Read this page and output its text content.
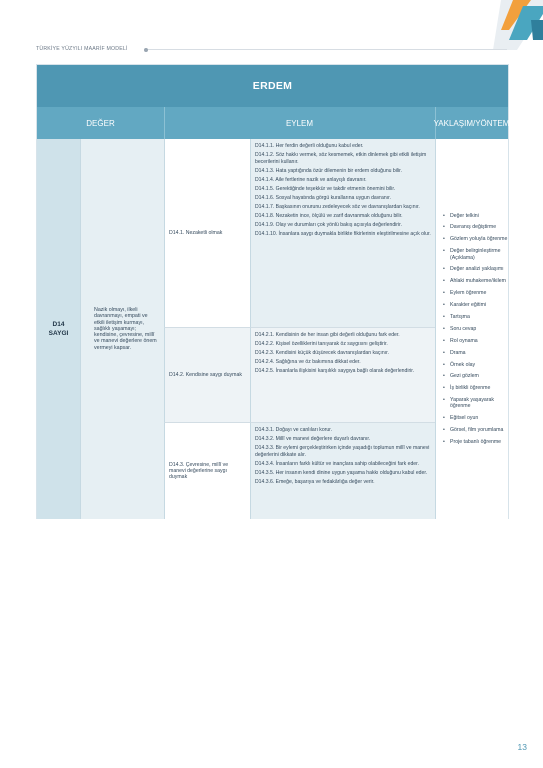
TÜRKİYE YÜZYILI MAARİF MODELİ
ERDEM
DEĞER	EYLEM	YAKLAŞIM/YÖNTEM
D14
SAYGI
Nazik olmayı, ilkeli davranmayı, empati ve etkili iletişim kurmayı, sağlıklı yaşamayı; kendisine, çevresine, millî ve manevi değerlere önem vermeyi kapsar.
D14.1. Nezaketli olmak
D14.2. Kendisine saygı duymak
D14.3. Çevresine, millî ve manevi değerlerine saygı duymak

D14.1.1. Her ferdin değerli olduğunu kabul eder.

D14.1.2. Söz hakkı vermek, söz kesmemek, etkin dinlemek gibi etkili iletişim becerilerini kullanır.

D14.1.3. Hata yaptığında özür dilemenin bir erdem olduğunu bilir.

D14.1.4. Aile fertlerine nazik ve anlayışlı davranır.

D14.1.5. Gerektiğinde teşekkür ve takdir etmenin önemini bilir.

D14.1.6. Sosyal hayatında görgü kurallarına uygun davranır.

D14.1.7. Başkasının onurunu zedeleyecek söz ve davranışlardan kaçınır.

D14.1.8. Nezaketin ince, ölçülü ve zarif davranmak olduğunu bilir.

D14.1.9. Olay ve durumları çok yönlü bakış açısıyla değerlendirir.

D14.1.10. İnsanlara saygı duymakla birlikte fikirlerinin eleştirilmesine açık olur.

D14.2.1. Kendisinin de her insan gibi değerli olduğunu fark eder.

D14.2.2. Kişisel özelliklerini tanıyarak öz saygısını geliştirir.

D14.2.3. Kendisini küçük düşürecek davranışlardan kaçınır.

D14.2.4. Sağlığına ve öz bakımına dikkat eder.

D14.2.5. İnsanlarla ilişkisini karşılıklı saygıya bağlı olarak değerlendirir.

D14.3.1. Doğayı ve canlıları korur.

D14.3.2. Millî ve manevi değerlere duyarlı davranır.

D14.3.3. Bir eylemi gerçekleştirirken içinde yaşadığı toplumun millî ve manevi değerlerini dikkate alır.

D14.3.4. İnsanların farklı kültür ve inançlara sahip olabileceğini fark eder.

D14.3.5. Her insanın kendi dinine uygun yaşama hakkı olduğunu kabul eder.

D14.3.6. Emeğe, başarıya ve fedakârlığa değer verir.

• Değer telkini
• Davranış değiştirme
• Gözlem yoluyla öğrenme
• Değer belirginleştirme (Açıklama)
• Değer analizi yaklaşımı
• Ahlaki muhakeme/ikilem
• Eylem öğrenme
• Karakter eğitimi
• Tartışma
• Soru cevap
• Rol oynama
• Drama
• Örnek olay
• Gezi gözlem
• İş birlikli öğrenme
• Yaparak yaşayarak öğrenme
• Eğitsel oyun
• Görsel, film yorumlama
• Proje tabanlı öğrenme
13
